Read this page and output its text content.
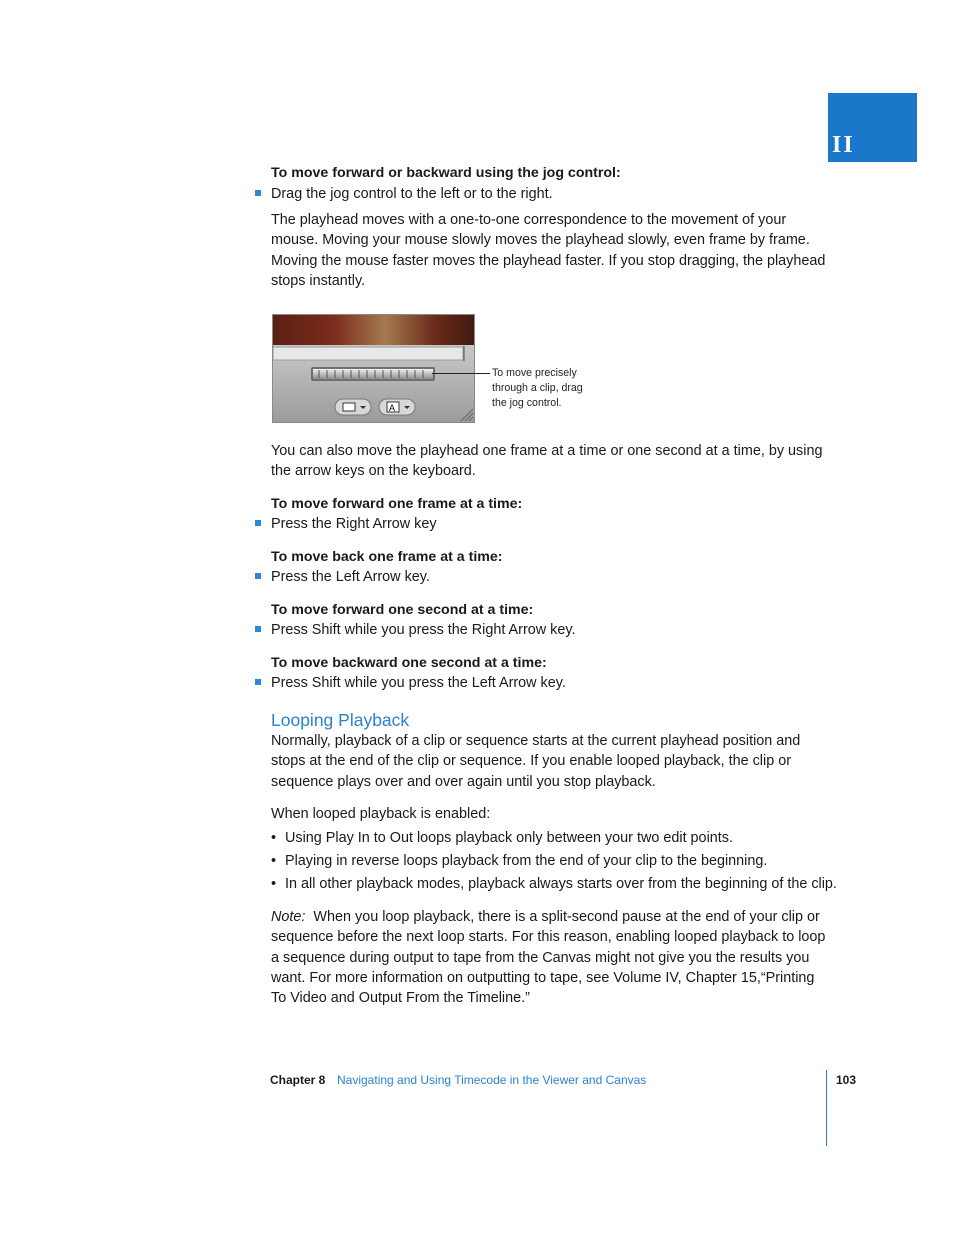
II
To move forward or backward using the jog control:
Drag the jog control to the left or to the right.
The playhead moves with a one-to-one correspondence to the movement of your mouse. Moving your mouse slowly moves the playhead slowly, even frame by frame. Moving the mouse faster moves the playhead faster. If you stop dragging, the playhead stops instantly.
A
To move precisely
through a clip, drag
the jog control.
You can also move the playhead one frame at a time or one second at a time, by using the arrow keys on the keyboard.
To move forward one frame at a time:
Press the Right Arrow key
To move back one frame at a time:
Press the Left Arrow key.
To move forward one second at a time:
Press Shift while you press the Right Arrow key.
To move backward one second at a time:
Press Shift while you press the Left Arrow key.
Looping Playback
Normally, playback of a clip or sequence starts at the current playhead position and stops at the end of the clip or sequence. If you enable looped playback, the clip or sequence plays over and over again until you stop playback.
When looped playback is enabled:
• Using Play In to Out loops playback only between your two edit points.
• Playing in reverse loops playback from the end of your clip to the beginning.
• In all other playback modes, playback always starts over from the beginning of the clip.
Note: When you loop playback, there is a split-second pause at the end of your clip or sequence before the next loop starts. For this reason, enabling looped playback to loop a sequence during output to tape from the Canvas might not give you the results you want. For more information on outputting to tape, see Volume IV, Chapter 15,“Printing To Video and Output From the Timeline.”
Chapter 8 Navigating and Using Timecode in the Viewer and Canvas	103
